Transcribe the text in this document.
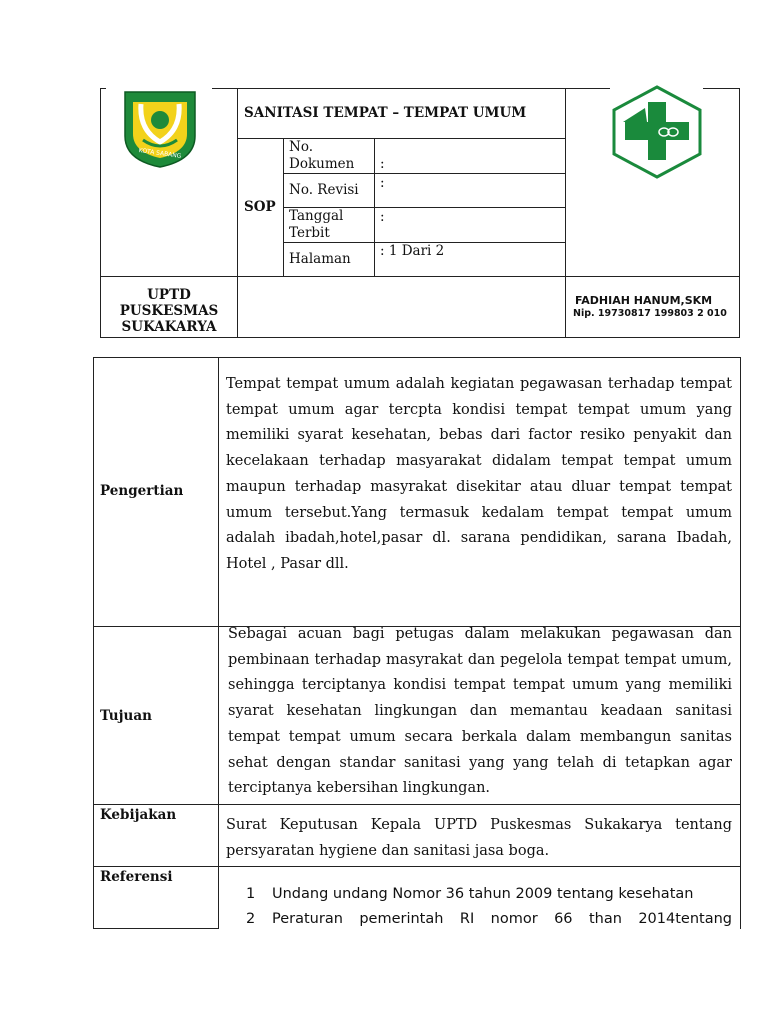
KOTA SABANG
SANITASI TEMPAT – TEMPAT UMUM
SOP
No. Dokumen	:
No. Revisi :
Tanggal Terbit
:
Halaman : 1 Dari 2
UPTD PUSKESMAS SUKAKARYA
FADHIAH HANUM,SKM
Nip. 19730817 199803 2 010
Pengertian
Tempat tempat umum adalah kegiatan pegawasan terhadap tempat tempat umum agar tercpta kondisi tempat tempat umum yang memiliki syarat kesehatan, bebas dari factor resiko penyakit dan kecelakaan terhadap masyarakat didalam tempat tempat umum maupun terhadap masyrakat disekitar atau dluar tempat tempat umum tersebut.Yang termasuk kedalam tempat tempat umum adalah ibadah,hotel,pasar dl. sarana pendidikan, sarana Ibadah, Hotel , Pasar dll.
Tujuan
Sebagai acuan bagi petugas dalam melakukan pegawasan dan pembinaan terhadap masyrakat dan pegelola tempat tempat umum, sehingga terciptanya kondisi tempat tempat umum yang memiliki syarat kesehatan lingkungan dan memantau keadaan sanitasi tempat tempat umum secara berkala dalam membangun sanitas sehat dengan standar sanitasi yang yang telah di tetapkan agar terciptanya kebersihan lingkungan.
Kebijakan
Surat Keputusan Kepala UPTD Puskesmas Sukakarya tentang persyaratan hygiene dan sanitasi jasa boga.
Referensi
1 Undang undang Nomor 36 tahun 2009 tentang kesehatan
2	Peraturan pemerintah RI nomor 66 than 2014tentang
